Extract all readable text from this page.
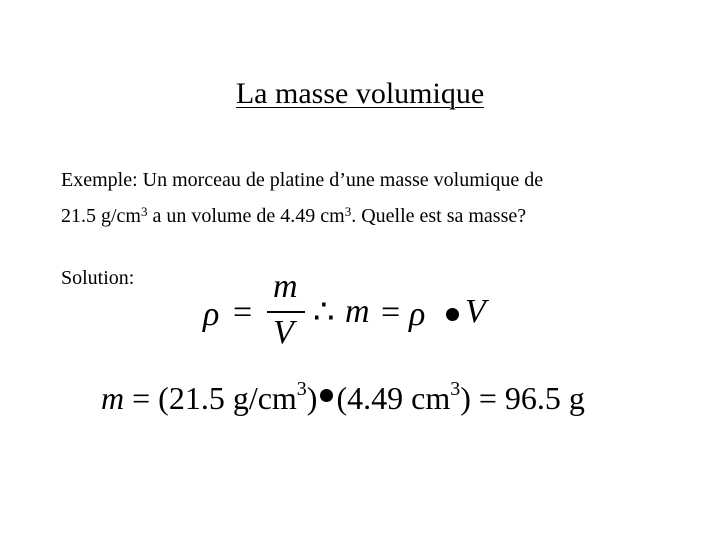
La masse volumique
Exemple: Un morceau de platine d’une masse volumique de
21.5 $g/cm^3$ a un volume de 4.49 $cm^3$. Quelle est sa masse?
Solution:
ρ =
m
V
∴ m = ρ V
m = (21.5 $g/cm^3$) (4.49 $cm^3) = 96.5$ g
